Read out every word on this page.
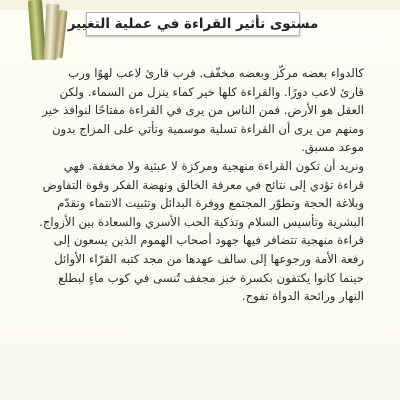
مستوى تأثير القراءة في عملية التغيير
كالدواء بعضه مركّز وبعضه مخفّف. فرب قارئ لاعب لهوًا ورب
قارئ لاعب دورًا. والقراءة كلها خير كماء ينزل من السماء. ولكن
العقل هو الأرض. فمن الناس من يرى في القراءة مفتاحًا لنوافذ خير
ومنهم من يرى أن القراءة تسلية موسمية وتأتي على المزاج بدون
موعد مسبق.
ونريد أن تكون القراءة منهجية ومركزة لا عبثية ولا مخففة. فهي
قراءة تؤدي إلى نتائج في معرفة الخالق ونهضة الفكر وقوة التفاوض
وبلاغة الحجة وتطوّر المجتمع ووفرة البدائل وتثبيت الانتماء وتقدّم
البشرية وتأسيس السلام وتذكية الحب الأسري والسعادة بين الأزواج.
قراءة منهجية تتضافر فيها جهود أصحاب الهموم الذين يسعون إلى
رفعة الأمة ورجوعها إلى سالف عهدها من مجد كتبه القرّاء الأوائل
حينما كانوا يكتفون بكسرة خبز مجفف تُنسى في كوب ماءٍ لبطلع
النهار ورائحة الدواة تفوح.
